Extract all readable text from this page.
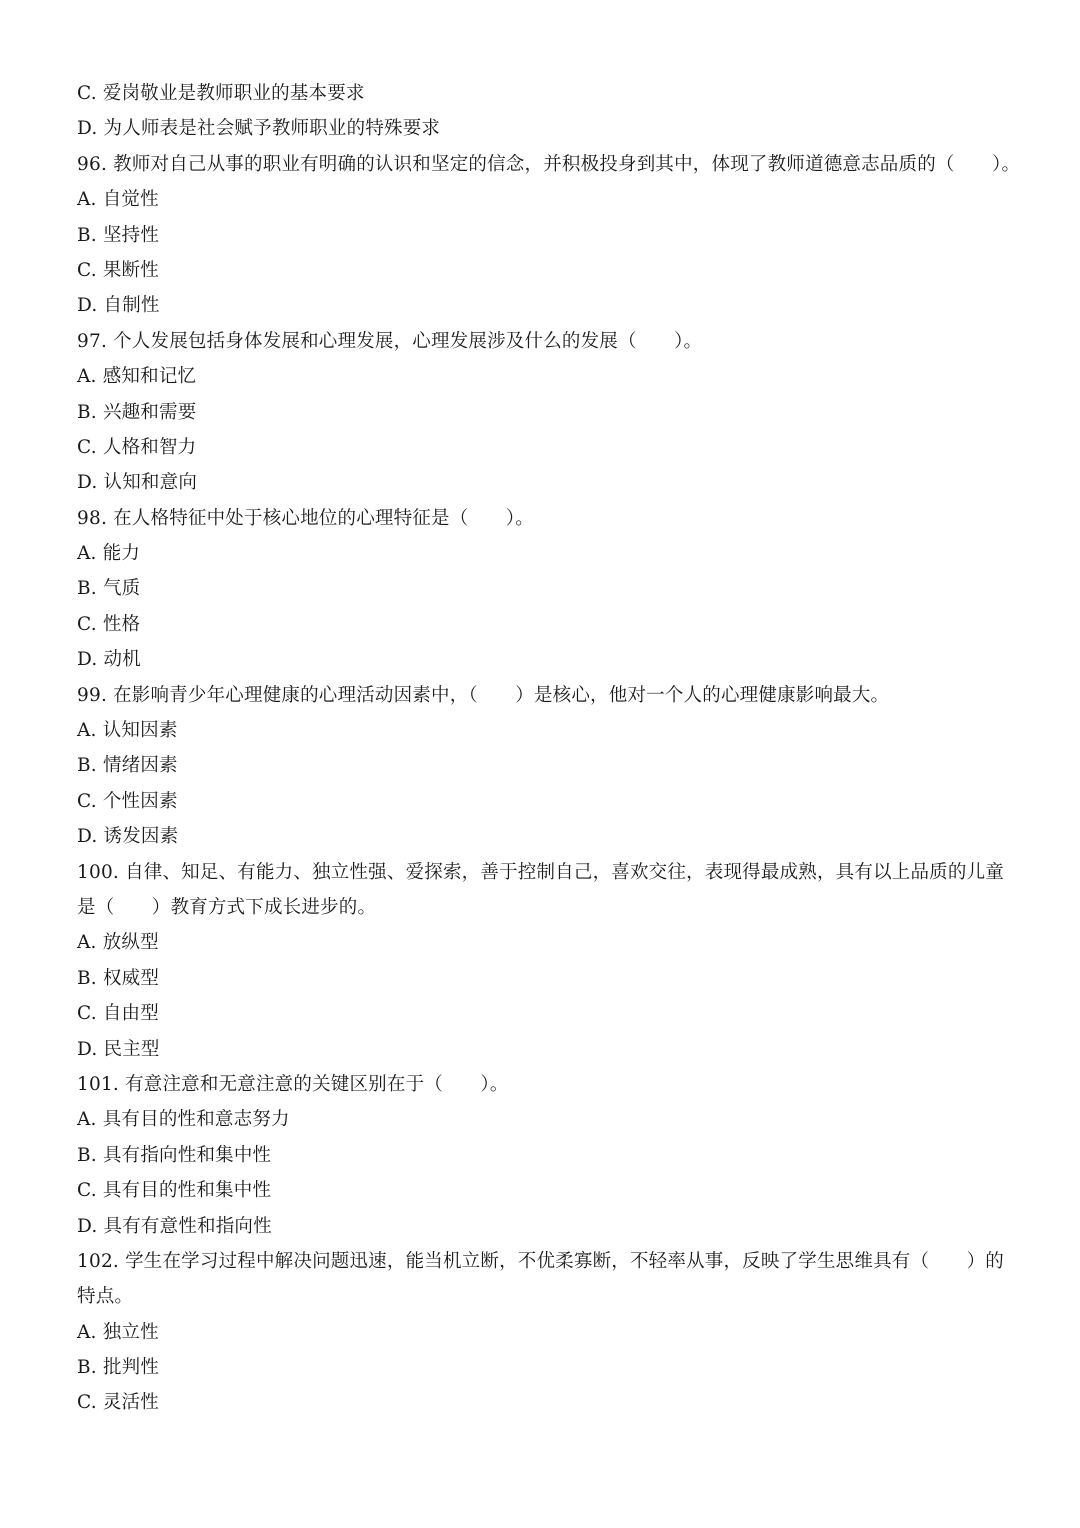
C. 爱岗敬业是教师职业的基本要求
D. 为人师表是社会赋予教师职业的特殊要求
96. 教师对自己从事的职业有明确的认识和坚定的信念，并积极投身到其中，体现了教师道德意志品质的（　　）。
A. 自觉性
B. 坚持性
C. 果断性
D. 自制性
97. 个人发展包括身体发展和心理发展，心理发展涉及什么的发展（　　）。
A. 感知和记忆
B. 兴趣和需要
C. 人格和智力
D. 认知和意向
98. 在人格特征中处于核心地位的心理特征是（　　）。
A. 能力
B. 气质
C. 性格
D. 动机
99. 在影响青少年心理健康的心理活动因素中，（　　）是核心，他对一个人的心理健康影响最大。
A. 认知因素
B. 情绪因素
C. 个性因素
D. 诱发因素
100. 自律、知足、有能力、独立性强、爱探索，善于控制自己，喜欢交往，表现得最成熟，具有以上品质的儿童
是（　　）教育方式下成长进步的。
A. 放纵型
B. 权威型
C. 自由型
D. 民主型
101. 有意注意和无意注意的关键区别在于（　　）。
A. 具有目的性和意志努力
B. 具有指向性和集中性
C. 具有目的性和集中性
D. 具有有意性和指向性
102. 学生在学习过程中解决问题迅速，能当机立断，不优柔寡断，不轻率从事，反映了学生思维具有（　　）的
特点。
A. 独立性
B. 批判性
C. 灵活性
